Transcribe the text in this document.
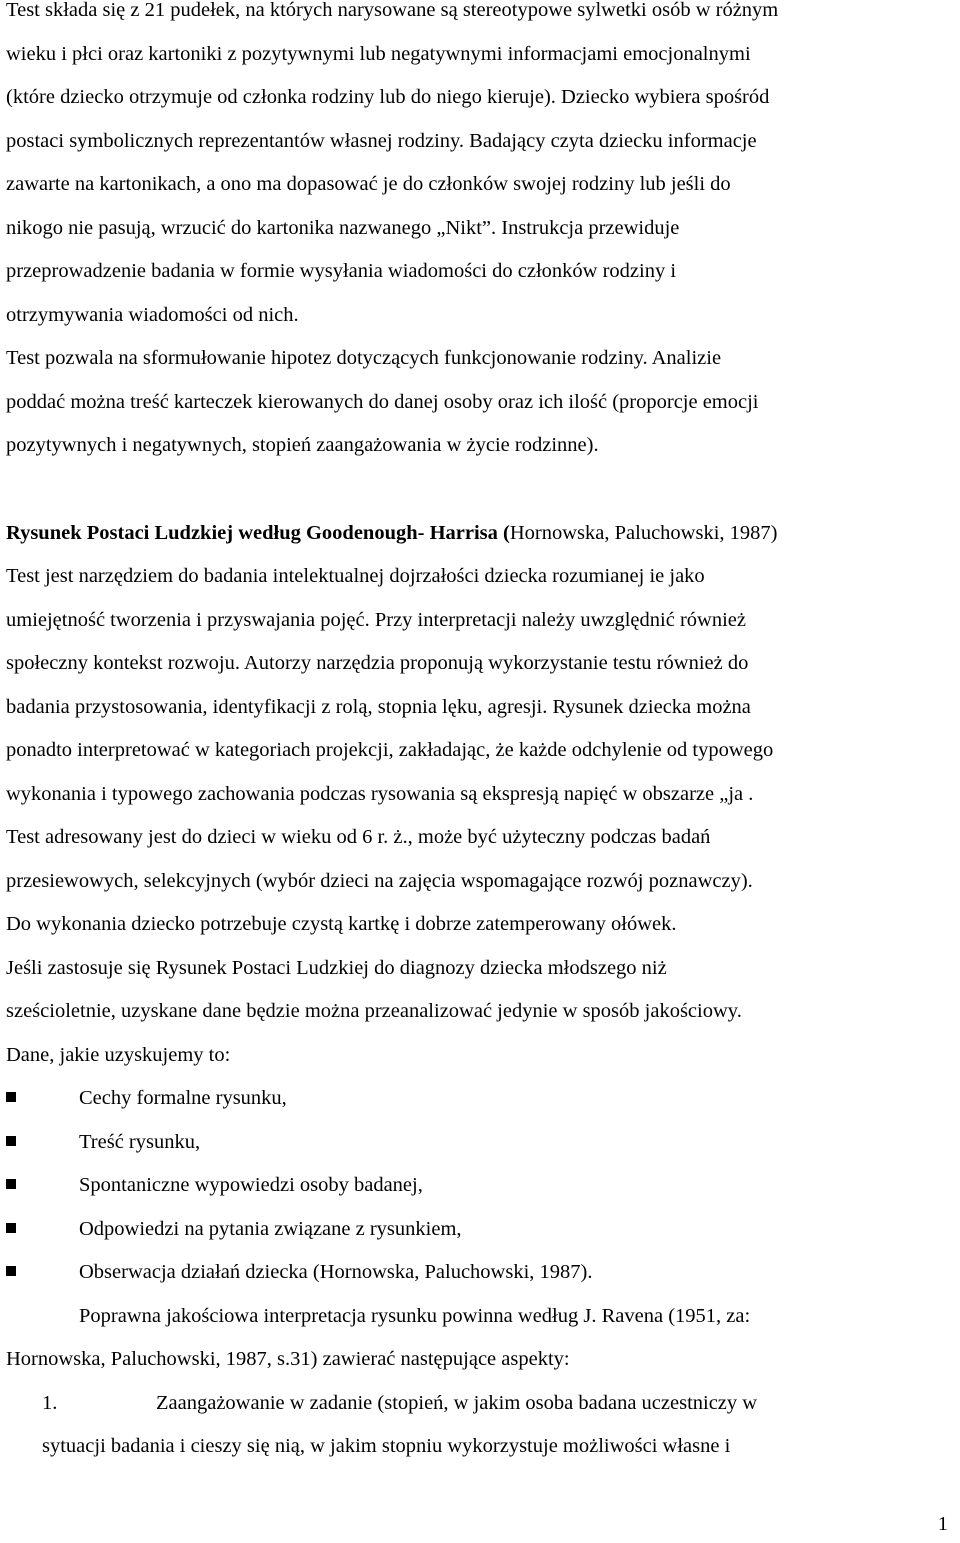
Test składa się z 21 pudełek, na których narysowane są stereotypowe sylwetki osób w różnym
wieku i płci oraz kartoniki z pozytywnymi lub negatywnymi informacjami emocjonalnymi
(które dziecko otrzymuje od członka rodziny lub do niego kieruje). Dziecko wybiera spośród
postaci symbolicznych reprezentantów własnej rodziny. Badający czyta dziecku informacje
zawarte na kartonikach, a ono ma dopasować je do członków swojej rodziny lub jeśli do
nikogo nie pasują, wrzucić do kartonika nazwanego „Nikt”. Instrukcja przewiduje
przeprowadzenie badania w formie wysyłania wiadomości do członków rodziny i
otrzymywania wiadomości od nich.
Test pozwala na sformułowanie hipotez dotyczących funkcjonowanie rodziny. Analizie
poddać można treść karteczek kierowanych do danej osoby oraz ich ilość (proporcje emocji
pozytywnych i negatywnych, stopień zaangażowania w życie rodzinne).
Rysunek Postaci Ludzkiej według Goodenough- Harrisa (Hornowska, Paluchowski, 1987)
Test jest narzędziem do badania intelektualnej dojrzałości dziecka rozumianej ie jako
umiejętność tworzenia i przyswajania pojęć. Przy interpretacji należy uwzględnić również
społeczny kontekst rozwoju. Autorzy narzędzia proponują wykorzystanie testu również do
badania przystosowania, identyfikacji z rolą, stopnia lęku, agresji. Rysunek dziecka można
ponadto interpretować w kategoriach projekcji, zakładając, że każde odchylenie od typowego
wykonania i typowego zachowania podczas rysowania są ekspresją napięć w obszarze „ja .
Test adresowany jest do dzieci w wieku od 6 r. ż., może być użyteczny podczas badań
przesiewowych, selekcyjnych (wybór dzieci na zajęcia wspomagające rozwój poznawczy).
Do wykonania dziecko potrzebuje czystą kartkę i dobrze zatemperowany ołówek.
Jeśli zastosuje się Rysunek Postaci Ludzkiej do diagnozy dziecka młodszego niż
sześcioletnie, uzyskane dane będzie można przeanalizować jedynie w sposób jakościowy.
Dane, jakie uzyskujemy to:
Cechy formalne rysunku,
Treść rysunku,
Spontaniczne wypowiedzi osoby badanej,
Odpowiedzi na pytania związane z rysunkiem,
Obserwacja działań dziecka (Hornowska, Paluchowski, 1987).
Poprawna jakościowa interpretacja rysunku powinna według J. Ravena (1951, za:
Hornowska, Paluchowski, 1987, s.31) zawierać następujące aspekty:
1.	Zaangażowanie w zadanie (stopień, w jakim osoba badana uczestniczy w
sytuacji badania i cieszy się nią, w jakim stopniu wykorzystuje możliwości własne i
1
